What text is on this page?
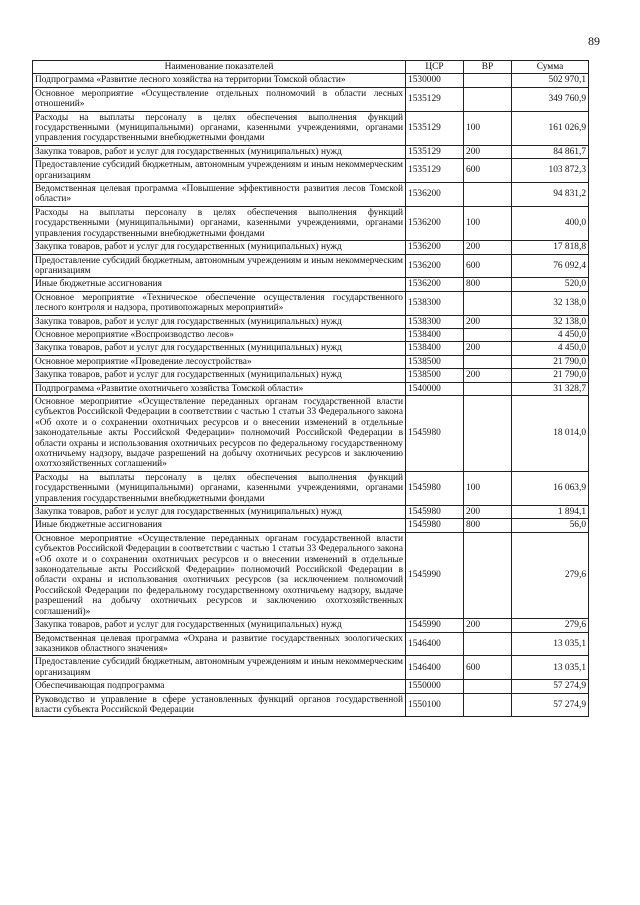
89
Наименование показателей	ЦСР	ВР	Сумма
Подпрограмма «Развитие лесного хозяйства на территории Томской области»	1530000		502 970,1
Основное мероприятие «Осуществление отдельных полномочий в области лесных отношений»	1535129		349 760,9
Расходы на выплаты персоналу в целях обеспечения выполнения функций государственными (муниципальными) органами, казенными учреждениями, органами управления государственными внебюджетными фондами	1535129	100	161 026,9
Закупка товаров, работ и услуг для государственных (муниципальных) нужд	1535129	200	84 861,7
Предоставление субсидий бюджетным, автономным учреждениям и иным некоммерческим организациям	1535129	600	103 872,3
Ведомственная целевая программа «Повышение эффективности развития лесов Томской области»	1536200		94 831,2
Расходы на выплаты персоналу в целях обеспечения выполнения функций государственными (муниципальными) органами, казенными учреждениями, органами управления государственными внебюджетными фондами	1536200	100	400,0
Закупка товаров, работ и услуг для государственных (муниципальных) нужд	1536200	200	17 818,8
Предоставление субсидий бюджетным, автономным учреждениям и иным некоммерческим организациям	1536200	600	76 092,4
Иные бюджетные ассигнования	1536200	800	520,0
Основное мероприятие «Техническое обеспечение осуществления государственного лесного контроля и надзора, противопожарных мероприятий»	1538300		32 138,0
Закупка товаров, работ и услуг для государственных (муниципальных) нужд	1538300	200	32 138,0
Основное мероприятие «Воспроизводство лесов»	1538400		4 450,0
Закупка товаров, работ и услуг для государственных (муниципальных) нужд	1538400	200	4 450,0
Основное мероприятие «Проведение лесоустройства»	1538500		21 790,0
Закупка товаров, работ и услуг для государственных (муниципальных) нужд	1538500	200	21 790,0
Подпрограмма «Развитие охотничьего хозяйства Томской области»	1540000		31 328,7
Основное мероприятие «Осуществление переданных органам государственной власти субъектов Российской Федерации в соответствии с частью 1 статьи 33 Федерального закона «Об охоте и о сохранении охотничьих ресурсов и о внесении изменений в отдельные законодательные акты Российской Федерации» полномочий Российской Федерации в области охраны и использования охотничьих ресурсов по федеральному государственному охотничьему надзору, выдаче разрешений на добычу охотничьих ресурсов и заключению охотхозяйственных соглашений»	1545980		18 014,0
Расходы на выплаты персоналу в целях обеспечения выполнения функций государственными (муниципальными) органами, казенными учреждениями, органами управления государственными внебюджетными фондами	1545980	100	16 063,9
Закупка товаров, работ и услуг для государственных (муниципальных) нужд	1545980	200	1 894,1
Иные бюджетные ассигнования	1545980	800	56,0
Основное мероприятие «Осуществление переданных органам государственной власти субъектов Российской Федерации в соответствии с частью 1 статьи 33 Федерального закона «Об охоте и о сохранении охотничьих ресурсов и о внесении изменений в отдельные законодательные акты Российской Федерации» полномочий Российской Федерации в области охраны и использования охотничьих ресурсов (за исключением полномочий Российской Федерации по федеральному государственному охотничьему надзору, выдаче разрешений на добычу охотничьих ресурсов и заключению охотхозяйственных соглашений)»	1545990		279,6
Закупка товаров, работ и услуг для государственных (муниципальных) нужд	1545990	200	279,6
Ведомственная целевая программа «Охрана и развитие государственных зоологических заказников областного значения»	1546400		13 035,1
Предоставление субсидий бюджетным, автономным учреждениям и иным некоммерческим организациям	1546400	600	13 035,1
Обеспечивающая подпрограмма	1550000		57 274,9
Руководство и управление в сфере установленных функций органов государственной власти субъекта Российской Федерации	1550100		57 274,9
